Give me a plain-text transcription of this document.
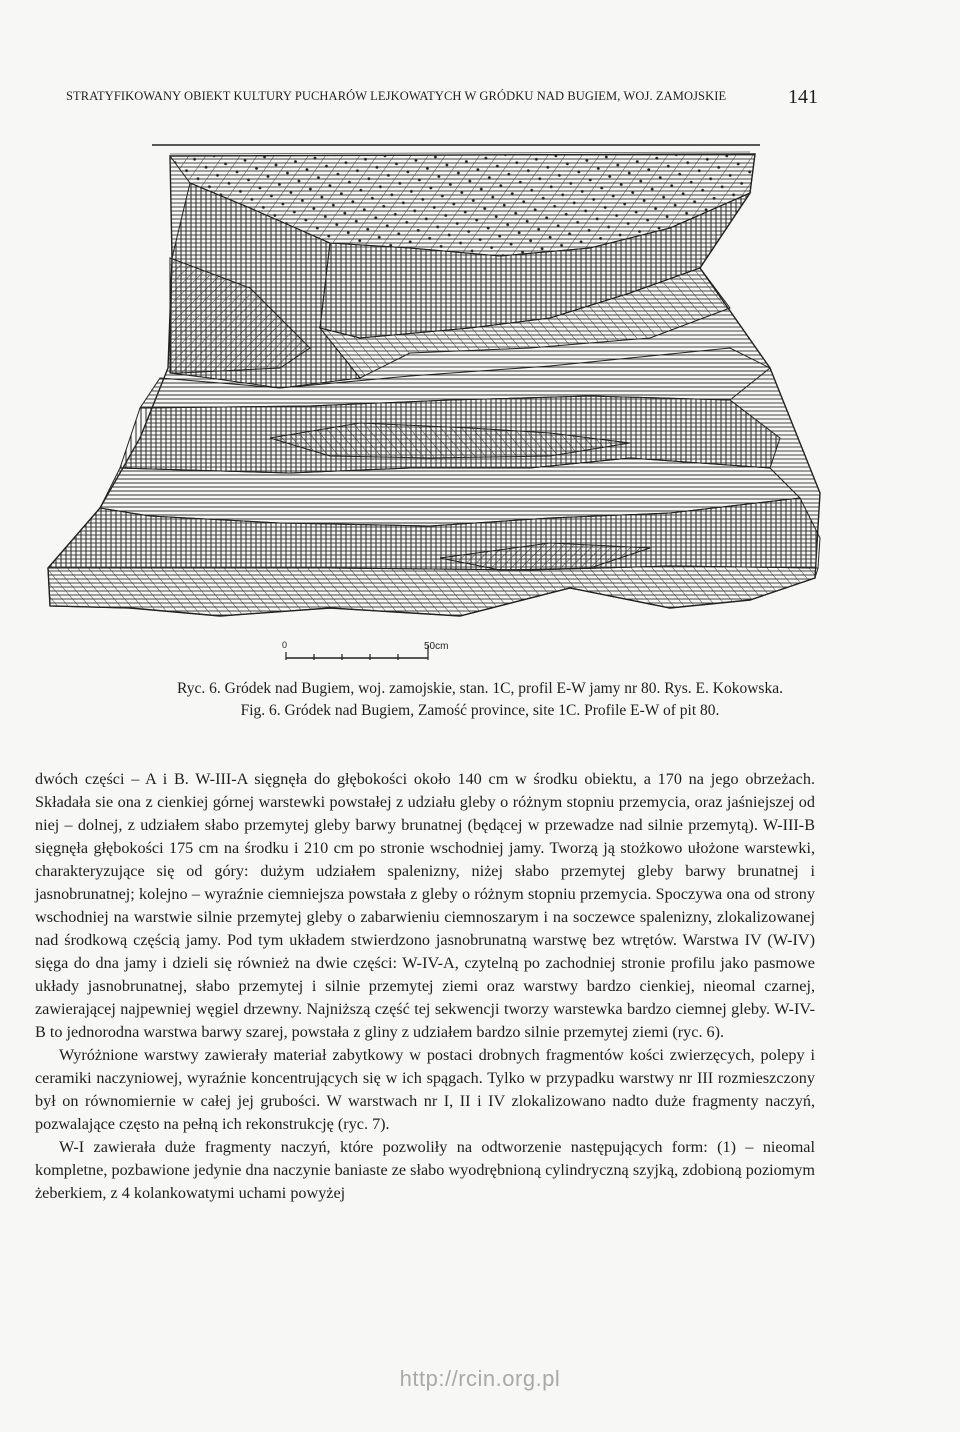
STRATYFIKOWANY OBIEKT KULTURY PUCHARÓW LEJKOWATYCH W GRÓDKU NAD BUGIEM, WOJ. ZAMOJSKIE	141
0	50cm
Ryc. 6. Gródek nad Bugiem, woj. zamojskie, stan. 1C, profil E-W jamy nr 80. Rys. E. Kokowska.
Fig. 6. Gródek nad Bugiem, Zamość province, site 1C. Profile E-W of pit 80.

dwóch części – A i B. W-III-A sięgnęła do głębokości około 140 cm w środku obiektu, a 170 na jego obrzeżach. Składała sie ona z cienkiej górnej warstewki powstałej z udziału gleby o różnym stopniu przemycia, oraz jaśniejszej od niej – dolnej, z udziałem słabo przemytej gleby barwy brunatnej (będącej w przewadze nad silnie przemytą). W-III-B sięgnęła głębokości 175 cm na środku i 210 cm po stronie wschodniej jamy. Tworzą ją stożkowo ułożone warstewki, charakteryzujące się od góry: dużym udziałem spalenizny, niżej słabo przemytej gleby barwy brunatnej i jasnobrunatnej; kolejno – wyraźnie ciemniejsza powstała z gleby o różnym stopniu przemycia. Spoczywa ona od strony wschodniej na warstwie silnie przemytej gleby o zabarwieniu ciemnoszarym i na soczewce spalenizny, zlokalizowanej nad środkową częścią jamy. Pod tym układem stwierdzono jasnobrunatną warstwę bez wtrętów. Warstwa IV (W-IV) sięga do dna jamy i dzieli się również na dwie części: W-IV-A, czytelną po zachodniej stronie profilu jako pasmowe układy jasnobrunatnej, słabo przemytej i silnie przemytej ziemi oraz warstwy bardzo cienkiej, nieomal czarnej, zawierającej najpewniej węgiel drzewny. Najniższą część tej sekwencji tworzy warstewka bardzo ciemnej gleby. W-IV-B to jednorodna warstwa barwy szarej, powstała z gliny z udziałem bardzo silnie przemytej ziemi (ryc. 6).

Wyróżnione warstwy zawierały materiał zabytkowy w postaci drobnych fragmentów kości zwierzęcych, polepy i ceramiki naczyniowej, wyraźnie koncentrujących się w ich spągach. Tylko w przypadku warstwy nr III rozmieszczony był on równomiernie w całej jej grubości. W warstwach nr I, II i IV zlokalizowano nadto duże fragmenty naczyń, pozwalające często na pełną ich rekonstrukcję (ryc. 7).

W-I zawierała duże fragmenty naczyń, które pozwoliły na odtworzenie następujących form: (1) – nieomal kompletne, pozbawione jedynie dna naczynie baniaste ze słabo wyodrębnioną cylindryczną szyjką, zdobioną poziomym żeberkiem, z 4 kolankowatymi uchami powyżej

http://rcin.org.pl
